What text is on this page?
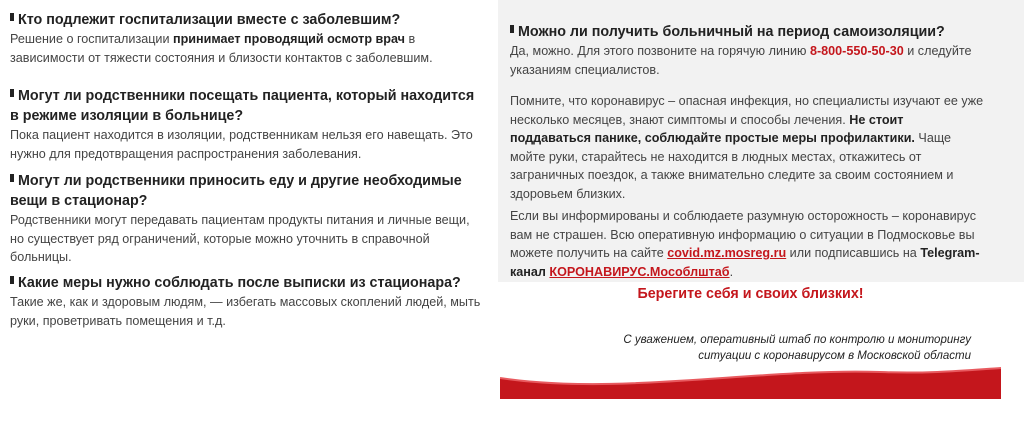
Кто подлежит госпитализации вместе с заболевшим?

Решение о госпитализации принимает проводящий осмотр врач в зависимости от тяжести состояния и близости контактов с заболевшим.

Могут ли родственники посещать пациента, который находится в режиме изоляции в больнице?

Пока пациент находится в изоляции, родственникам нельзя его навещать. Это нужно для предотвращения распространения заболевания.

Могут ли родственники приносить еду и другие необходимые вещи в стационар?

Родственники могут передавать пациентам продукты питания и личные вещи, но существует ряд ограничений, которые можно уточнить в справочной больницы.

Какие меры нужно соблюдать после выписки из стационара?

Такие же, как и здоровым людям, — избегать массовых скоплений людей, мыть руки, проветривать помещения и т.д.

Можно ли получить больничный на период самоизоляции?

Да, можно. Для этого позвоните на горячую линию 8-800-550-50-30 и следуйте указаниям специалистов.

Помните, что коронавирус – опасная инфекция, но специалисты изучают ее уже несколько месяцев, знают симптомы и способы лечения. Не стоит поддаваться панике, соблюдайте простые меры профилактики. Чаще мойте руки, старайтесь не находится в людных местах, откажитесь от заграничных поездок, а также внимательно следите за своим состоянием и здоровьем близких.

Если вы информированы и соблюдаете разумную осторожность – коронавирус вам не страшен. Всю оперативную информацию о ситуации в Подмосковье вы можете получить на сайте covid.mz.mosreg.ru или подписавшись на Telegram-канал КОРОНАВИРУС.Мособлштаб.

Берегите себя и своих близких!
С уважением, оперативный штаб по контролю и мониторингу
ситуации с коронавирусом в Московской области
